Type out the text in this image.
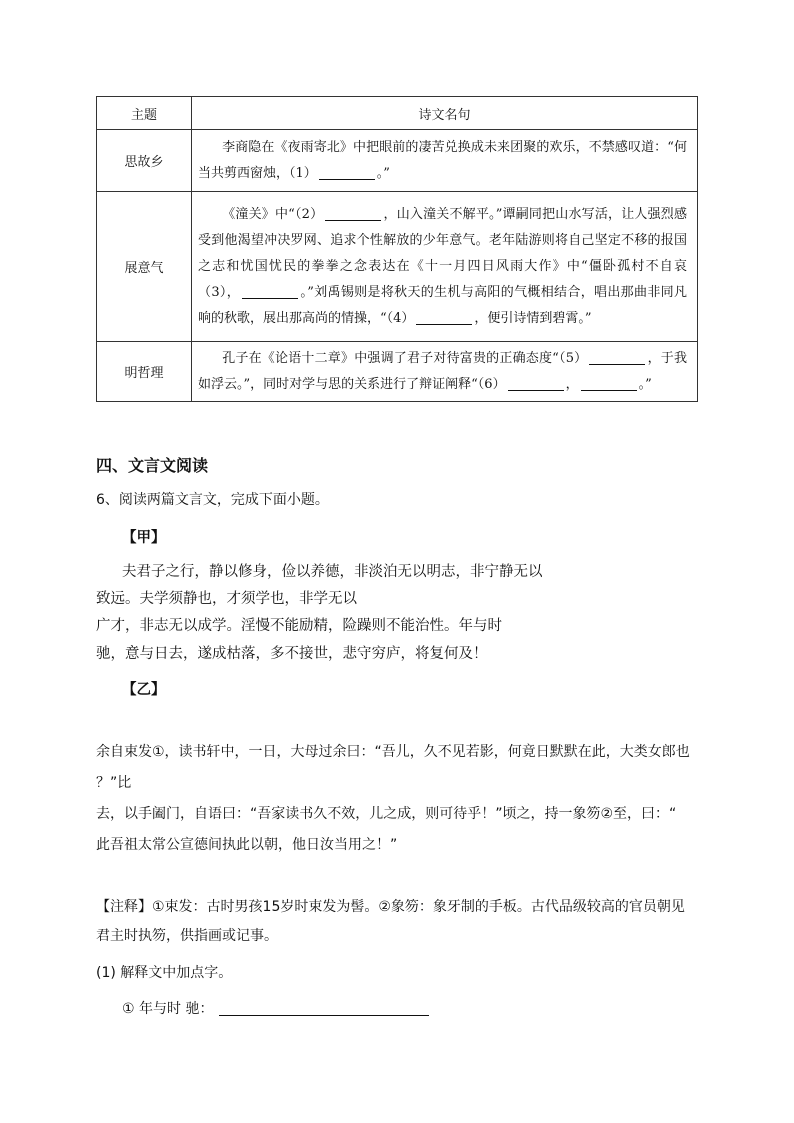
主题	诗文名句
思故乡	李商隐在《夜雨寄北》中把眼前的凄苦兑换成未来团聚的欢乐，不禁感叹道：“何当共剪西窗烛，（1） 。”
展意气	《潼关》中“（2） ，山入潼关不解平。”谭嗣同把山水写活，让人强烈感受到他渴望冲决罗网、追求个性解放的少年意气。老年陆游则将自己坚定不移的报国之志和忧国忧民的拳拳之念表达在《十一月四日风雨大作》中“僵卧孤村不自哀（3）， 。”刘禹锡则是将秋天的生机与高阳的气概相结合，唱出那曲非同凡响的秋歌，展出那高尚的情操，“（4） ，便引诗情到碧霄。”
明哲理	孔子在《论语十二章》中强调了君子对待富贵的正确态度“（5） ，于我如浮云。”，同时对学与思的关系进行了辩证阐释“（6） ， 。”
四、文言文阅读
6、阅读两篇文言文，完成下面小题。
【甲】
夫君子之行，静以修身，俭以养德，非淡泊无以明志，非宁静无以
致远。夫学须静也，才须学也，非学无以
广才，非志无以成学。淫慢不能励精，险躁则不能治性。年与时
驰，意与日去，遂成枯落，多不接世，悲守穷庐，将复何及！
【乙】
余自束发①，读书轩中，一日，大母过余曰：“吾儿，久不见若影，何竟日默默在此，大类女郎也
？”比
去，以手阖门，自语曰：“吾家读书久不效，儿之成，则可待乎！”顷之，持一象笏②至，曰：“
此吾祖太常公宣德间执此以朝，他日汝当用之！”
【注释】①束发：古时男孩15岁时束发为髻。②象笏：象牙制的手板。古代品级较高的官员朝见
君主时执笏，供指画或记事。
(1) 解释文中加点字。
① 年与时 驰：
